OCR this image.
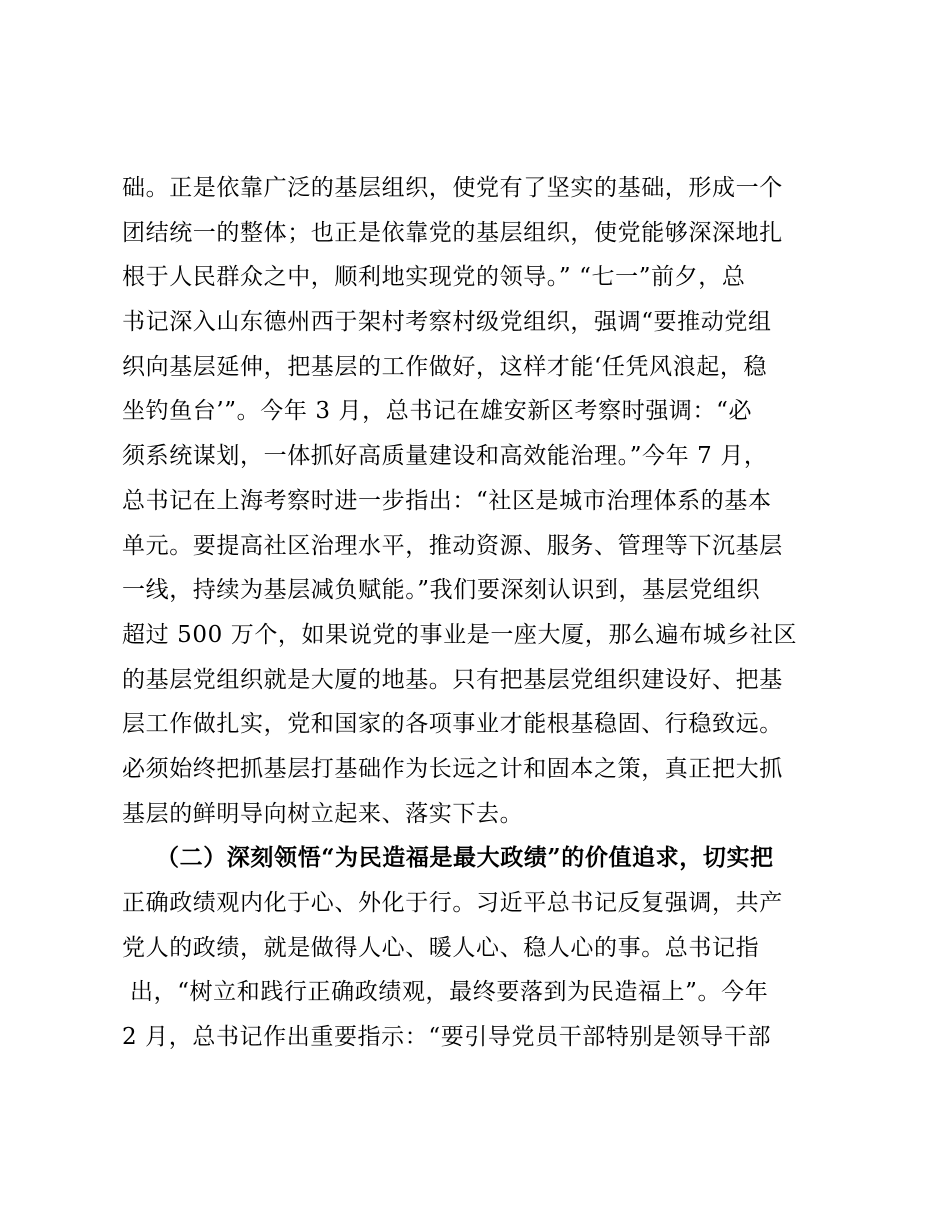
础。正是依靠广泛的基层组织，使党有了坚实的基础，形成一个
团结统一的整体；也正是依靠党的基层组织，使党能够深深地扎
根于人民群众之中，顺利地实现党的领导。” “七一”前夕，总
书记深入山东德州西于架村考察村级党组织，强调“要推动党组
织向基层延伸，把基层的工作做好，这样才能‘任凭风浪起，稳
坐钓鱼台’”。今年 3 月，总书记在雄安新区考察时强调：“必
须系统谋划，一体抓好高质量建设和高效能治理。”今年 7 月，
总书记在上海考察时进一步指出：“社区是城市治理体系的基本
单元。要提高社区治理水平，推动资源、服务、管理等下沉基层
一线，持续为基层减负赋能。”我们要深刻认识到，基层党组织
超过 500 万个，如果说党的事业是一座大厦，那么遍布城乡社区
的基层党组织就是大厦的地基。只有把基层党组织建设好、把基
层工作做扎实，党和国家的各项事业才能根基稳固、行稳致远。
必须始终把抓基层打基础作为长远之计和固本之策，真正把大抓
基层的鲜明导向树立起来、落实下去。
（二）深刻领悟“为民造福是最大政绩”的价值追求，切实把
正确政绩观内化于心、外化于行。习近平总书记反复强调，共产
党人的政绩，就是做得人心、暖人心、稳人心的事。总书记指
出，“树立和践行正确政绩观，最终要落到为民造福上”。今年
2 月，总书记作出重要指示：“要引导党员干部特别是领导干部
